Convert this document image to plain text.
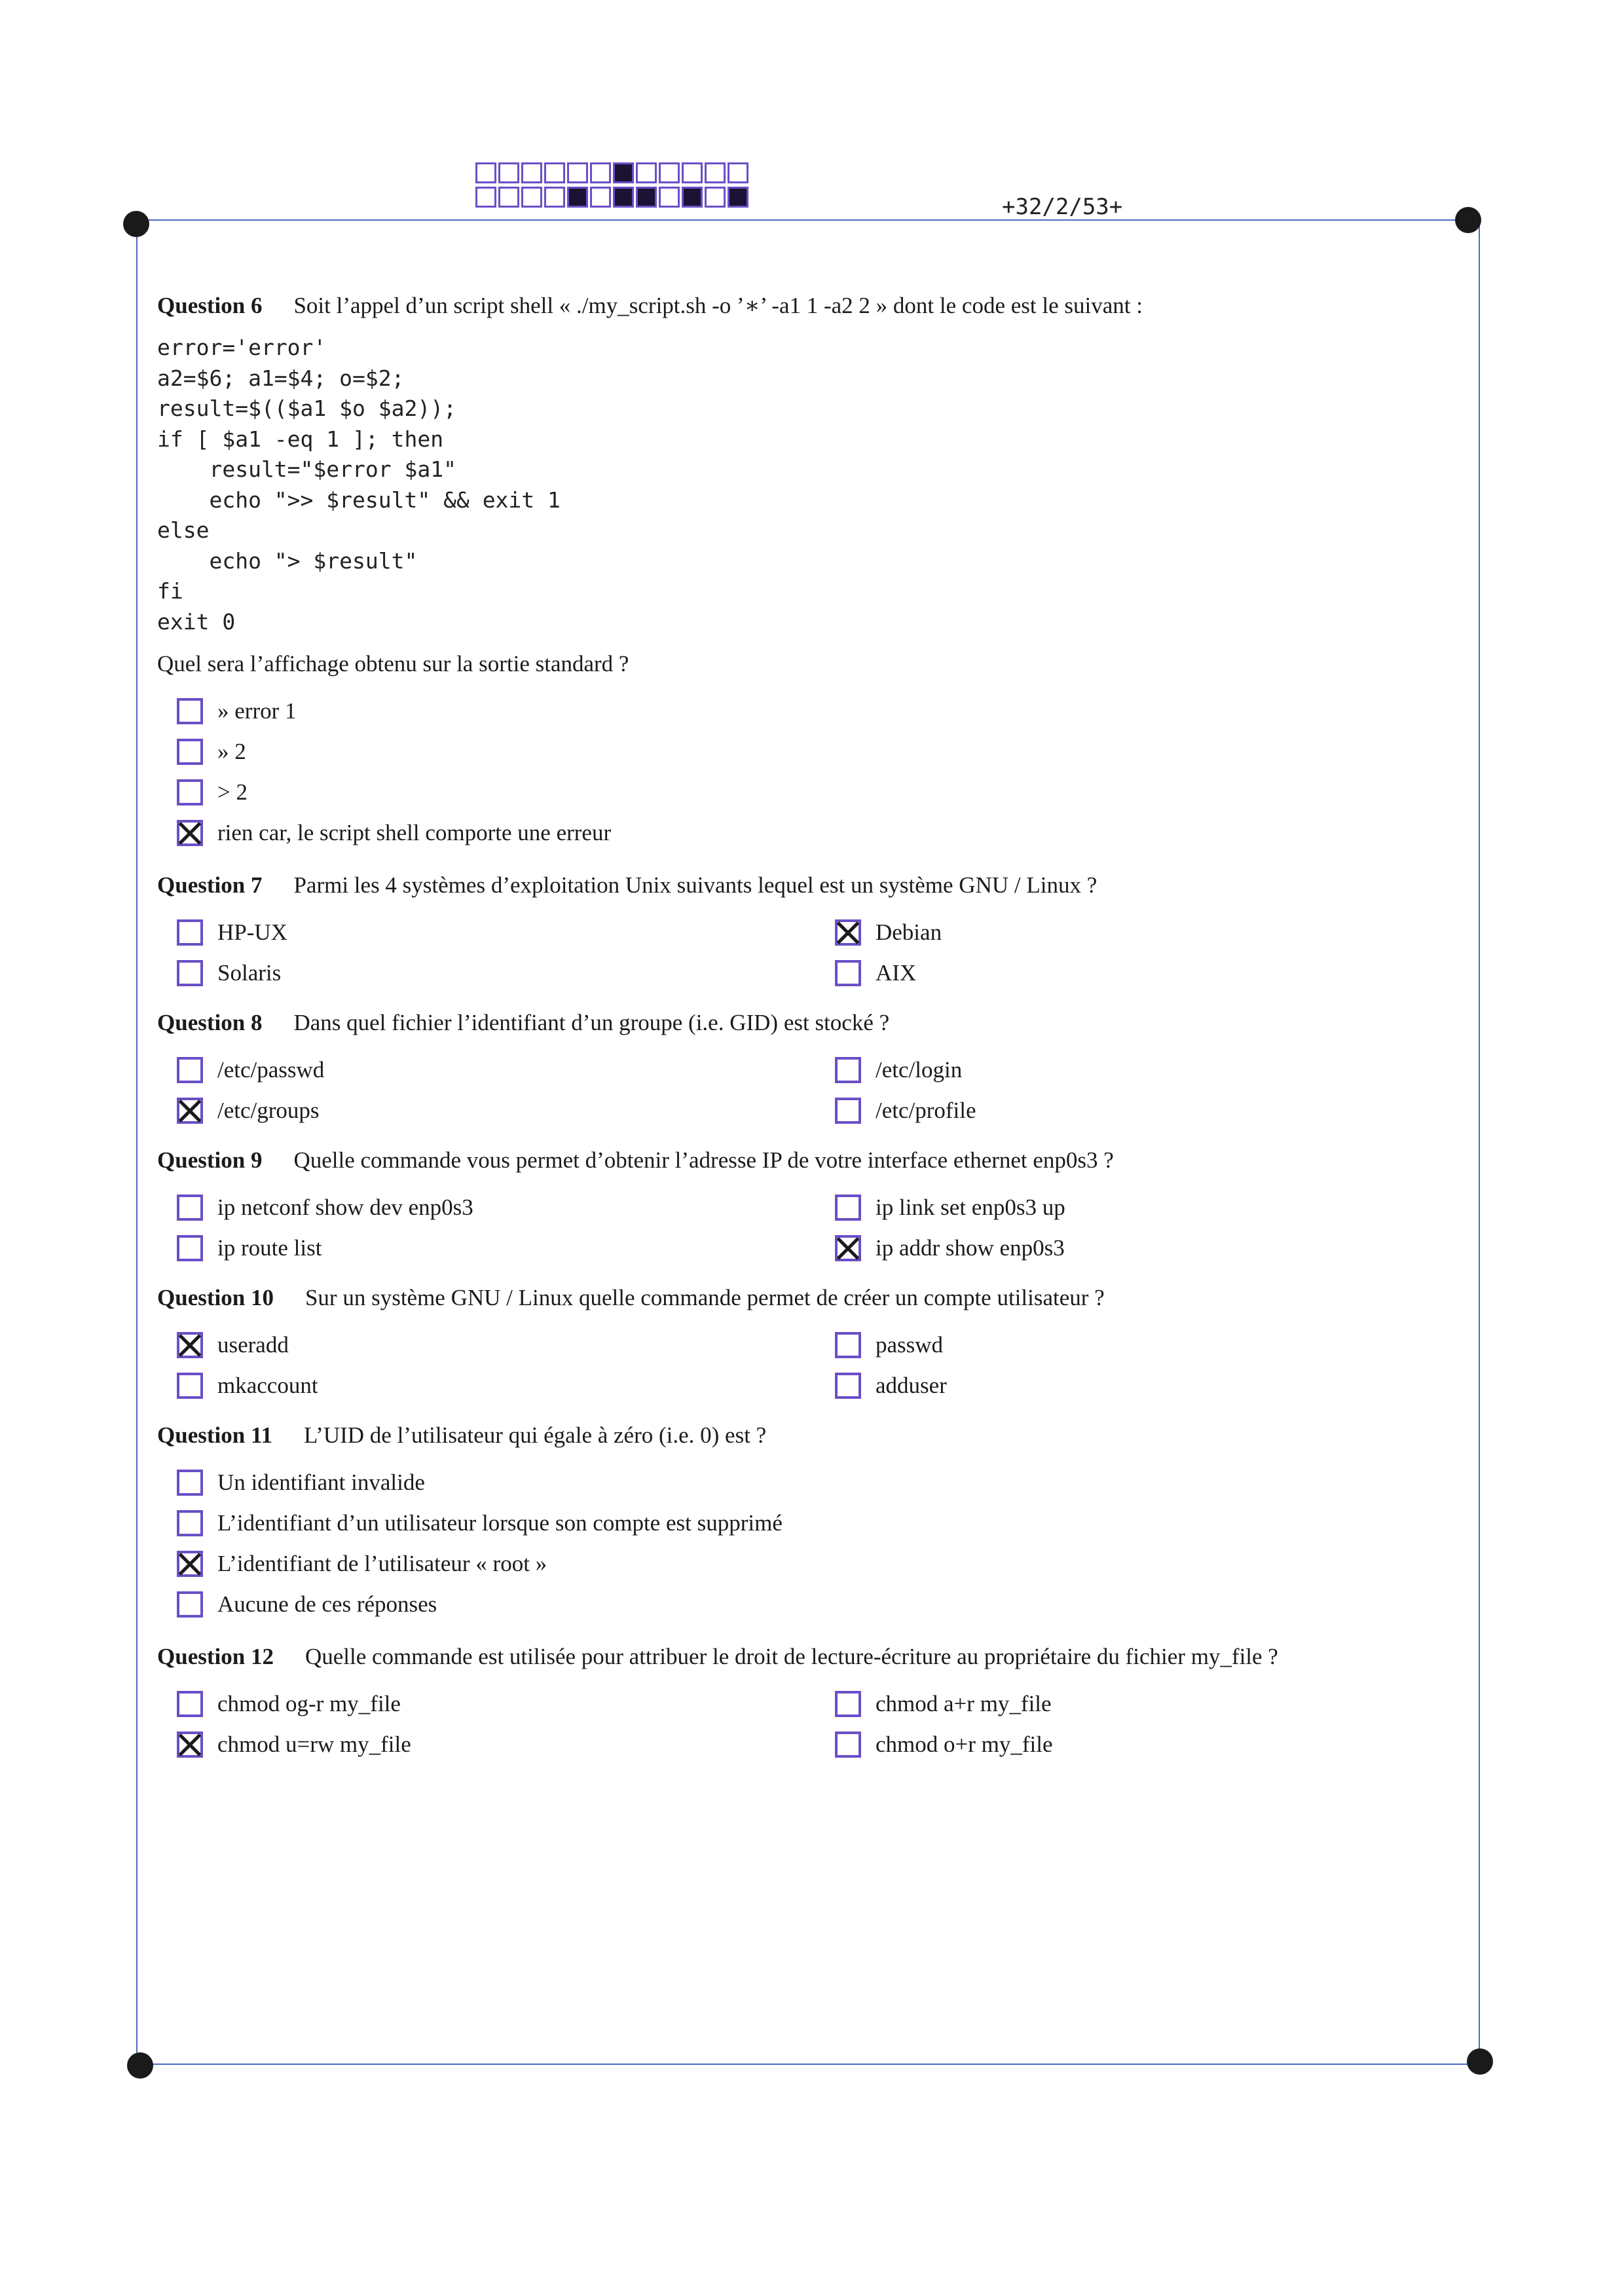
+32/2/53+
Question 6 Soit l’appel d’un script shell « ./my_script.sh -o ’∗’ -a1 1 -a2 2 » dont le code est le suivant :
error='error'
a2=$6; a1=$4; o=$2;
result=$(($a1 $o $a2));
if [ $a1 -eq 1 ]; then
result="$error $a1"
echo ">> $result" && exit 1
else
echo "> $result"
fi
exit 0
Quel sera l’affichage obtenu sur la sortie standard ?
» error 1
» 2
> 2
rien car, le script shell comporte une erreur
Question 7 Parmi les 4 systèmes d’exploitation Unix suivants lequel est un système GNU / Linux ?
HP-UX	Debian
Solaris	AIX
Question 8 Dans quel fichier l’identifiant d’un groupe (i.e. GID) est stocké ?
/etc/passwd	/etc/login
/etc/groups	/etc/profile
Question 9 Quelle commande vous permet d’obtenir l’adresse IP de votre interface ethernet enp0s3 ?
ip netconf show dev enp0s3	ip link set enp0s3 up
ip route list	ip addr show enp0s3
Question 10 Sur un système GNU / Linux quelle commande permet de créer un compte utilisateur ?
useradd	passwd
mkaccount	adduser
Question 11 L’UID de l’utilisateur qui égale à zéro (i.e. 0) est ?
Un identifiant invalide
L’identifiant d’un utilisateur lorsque son compte est supprimé
L’identifiant de l’utilisateur « root »
Aucune de ces réponses
Question 12 Quelle commande est utilisée pour attribuer le droit de lecture-écriture au propriétaire du fichier my_file ?
chmod og-r my_file	chmod a+r my_file
chmod u=rw my_file	chmod o+r my_file
